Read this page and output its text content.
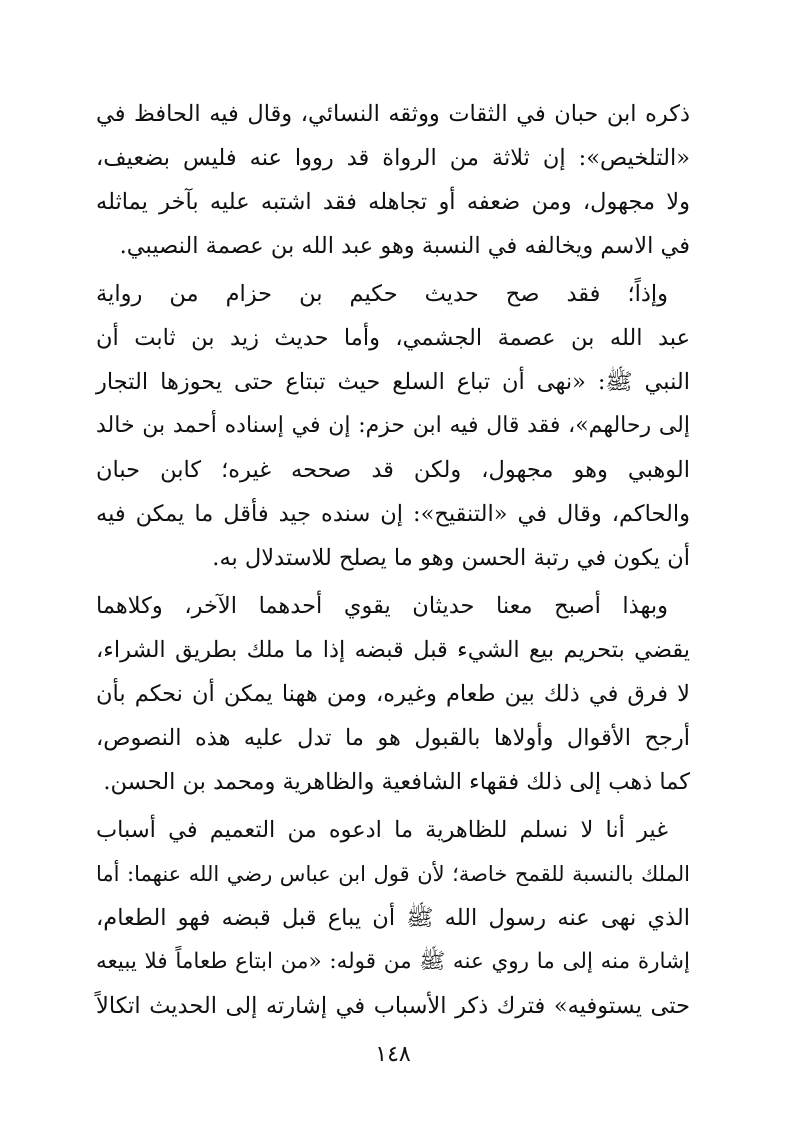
ذكره ابن حبان في الثقات ووثقه النسائي، وقال فيه الحافظ في
«التلخيص»: إن ثلاثة من الرواة قد رووا عنه فليس بضعيف،
ولا مجهول، ومن ضعفه أو تجاهله فقد اشتبه عليه بآخر يماثله
في الاسم ويخالفه في النسبة وهو عبد الله بن عصمة النصيبي.

وإذاً؛ فقد صح حديث حكيم بن حزام من رواية
عبد الله بن عصمة الجشمي، وأما حديث زيد بن ثابت أن
النبي ﷺ: «نهى أن تباع السلع حيث تبتاع حتى يحوزها التجار
إلى رحالهم»، فقد قال فيه ابن حزم: إن في إسناده أحمد بن خالد
الوهبي وهو مجهول، ولكن قد صححه غيره؛ كابن حبان
والحاكم، وقال في «التنقيح»: إن سنده جيد فأقل ما يمكن فيه
أن يكون في رتبة الحسن وهو ما يصلح للاستدلال به.

وبهذا أصبح معنا حديثان يقوي أحدهما الآخر، وكلاهما
يقضي بتحريم بيع الشيء قبل قبضه إذا ما ملك بطريق الشراء،
لا فرق في ذلك بين طعام وغيره، ومن ههنا يمكن أن نحكم بأن
أرجح الأقوال وأولاها بالقبول هو ما تدل عليه هذه النصوص،
كما ذهب إلى ذلك فقهاء الشافعية والظاهرية ومحمد بن الحسن.

غير أنا لا نسلم للظاهرية ما ادعوه من التعميم في أسباب
الملك بالنسبة للقمح خاصة؛ لأن قول ابن عباس رضي الله عنهما: أما
الذي نهى عنه رسول الله ﷺ أن يباع قبل قبضه فهو الطعام،
إشارة منه إلى ما روي عنه ﷺ من قوله: «من ابتاع طعاماً فلا يبيعه
حتى يستوفيه» فترك ذكر الأسباب في إشارته إلى الحديث اتكالاً

١٤٨
